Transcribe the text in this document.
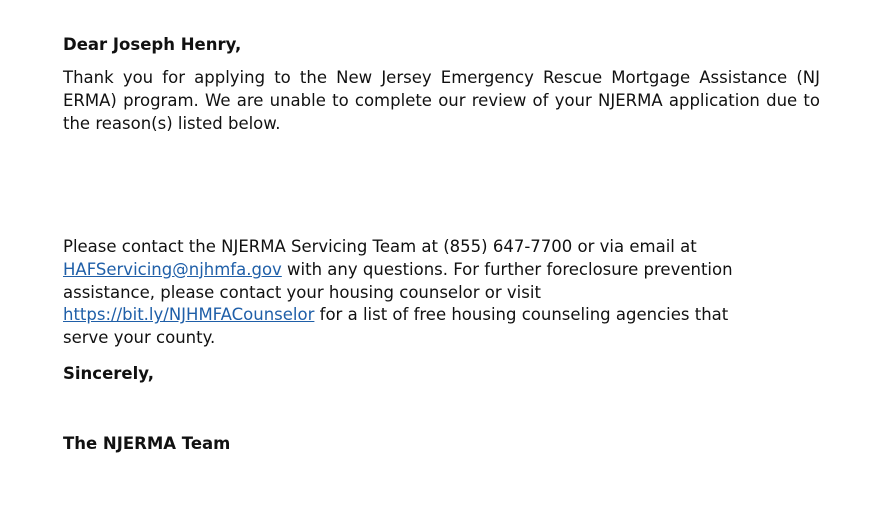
Dear Joseph Henry,

Thank you for applying to the New Jersey Emergency Rescue Mortgage Assistance (NJ ERMA) program. We are unable to complete our review of your NJERMA application due to the reason(s) listed below.

Please contact the NJERMA Servicing Team at (855) 647-7700 or via email at
HAFServicing@njhmfa.gov with any questions. For further foreclosure prevention
assistance, please contact your housing counselor or visit
https://bit.ly/NJHMFACounselor for a list of free housing counseling agencies that
serve your county.

Sincerely,

The NJERMA Team
